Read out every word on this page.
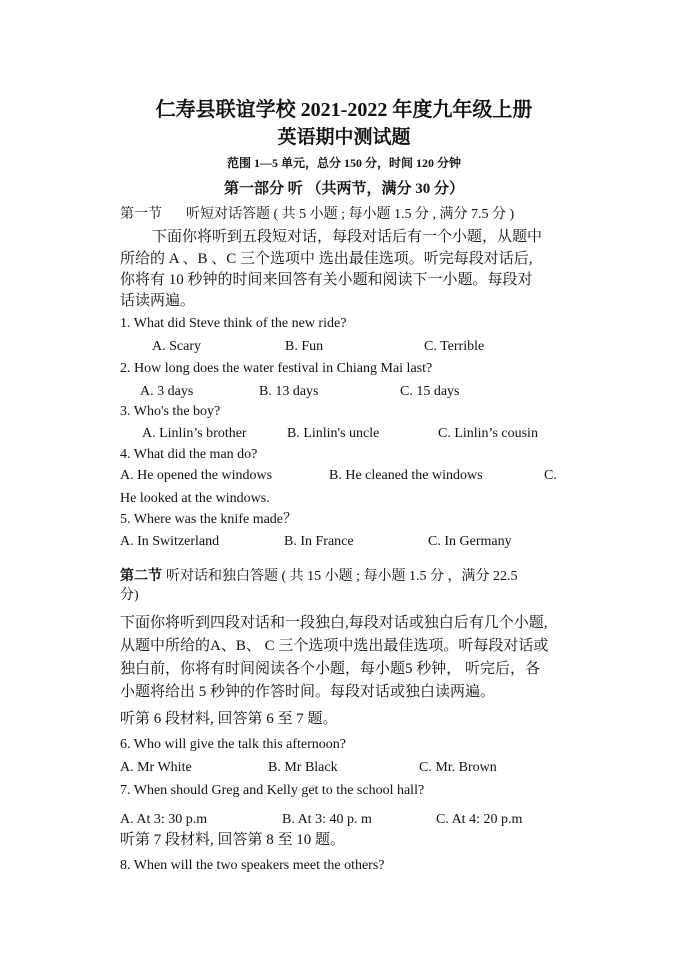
仁寿县联谊学校 2021-2022 年度九年级上册
英语期中测试题
范围 1—5 单元，总分 150 分，时间 120 分钟
第一部分 听 （共两节，满分 30 分）
第一节 听短对话答题 ( 共 5 小题 ; 每小题 1.5 分 , 满分 7.5 分 )
下面你将听到五段短对话，每段对话后有一个小题，从题中
所给的 A 、B 、C 三个选项中 选出最佳选项。听完每段对话后,
你将有 10 秒钟的时间来回答有关小题和阅读下一小题。每段对
话读两遍。
1. What did Steve think of the new ride?
A. Scary	B. Fun	C. Terrible
2. How long does the water festival in Chiang Mai last?
A. 3 days	B. 13 days	C. 15 days
3. Who's the boy?
A. Linlin’s brother	B. Linlin's uncle	C. Linlin’s cousin
4. What did the man do?
A. He opened the windows	B. He cleaned the windows	C.
He looked at the windows.
5. Where was the knife made？
A. In Switzerland	B. In France	C. In Germany
第二节 听对话和独白答题 ( 共 15 小题 ; 每小题 1.5 分 ，满分 22.5
分)
下面你将听到四段对话和一段独白,每段对话或独白后有几个小题,
从题中所给的A、B、 C 三个选项中选出最佳选项。听每段对话或
独白前，你将有时间阅读各个小题，每小题5 秒钟， 听完后，各
小题将给出 5 秒钟的作答时间。每段对话或独白读两遍。
听第 6 段材料, 回答第 6 至 7 题。
6. Who will give the talk this afternoon?
A. Mr White	B. Mr Black	C. Mr. Brown
7. When should Greg and Kelly get to the school hall?
A. At 3: 30 p.m	B. At 3: 40 p. m	C. At 4: 20 p.m
听第 7 段材料, 回答第 8 至 10 题。
8. When will the two speakers meet the others?
